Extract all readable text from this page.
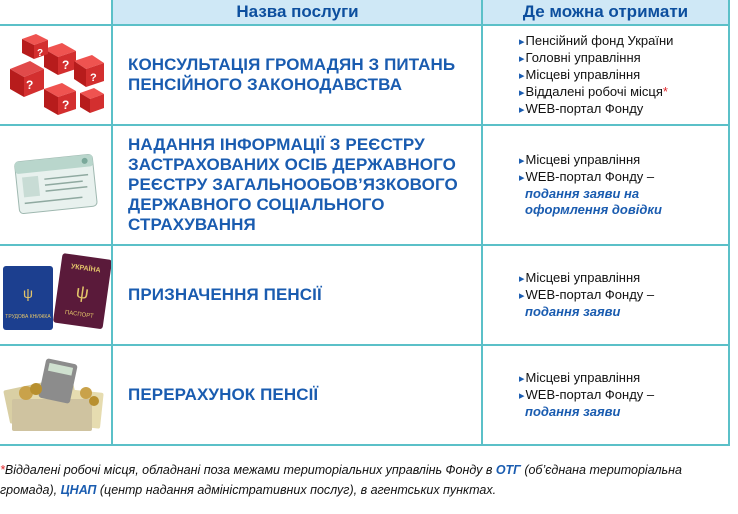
Назва послуги	Де можна отримати
?
?
?
?
?
КОНСУЛЬТАЦІЯ ГРОМАДЯН З ПИТАНЬ ПЕНСІЙНОГО ЗАКОНОДАВСТВА
▸ Пенсійний фонд України
▸ Головні управління
▸ Місцеві управління
▸ Віддалені робочі місця*
▸ WEB-портал Фонду
НАДАННЯ ІНФОРМАЦІЇ З РЕЄСТРУ ЗАСТРАХОВАНИХ ОСІБ ДЕРЖАВНОГО РЕЄСТРУ ЗАГАЛЬНООБОВ’ЯЗКОВОГО ДЕРЖАВНОГО СОЦІАЛЬНОГО СТРАХУВАННЯ
▸ Місцеві управління
▸ WEB-портал Фонду –
подання заяви на оформлення довідки
ψ
ТРУДОВА КНИЖКА
УКРАЇНА
ψ
ПАСПОРТ
ПРИЗНАЧЕННЯ ПЕНСІЇ
▸ Місцеві управління
▸ WEB-портал Фонду –
подання заяви
ПЕРЕРАХУНОК ПЕНСІЇ
▸ Місцеві управління
▸ WEB-портал Фонду –
подання заяви
*Віддалені робочі місця, обладнані поза межами територіальних управлінь Фонду в ОТГ (об’єднана територіальна громада), ЦНАП (центр надання адміністративних послуг), в агентських пунктах.
